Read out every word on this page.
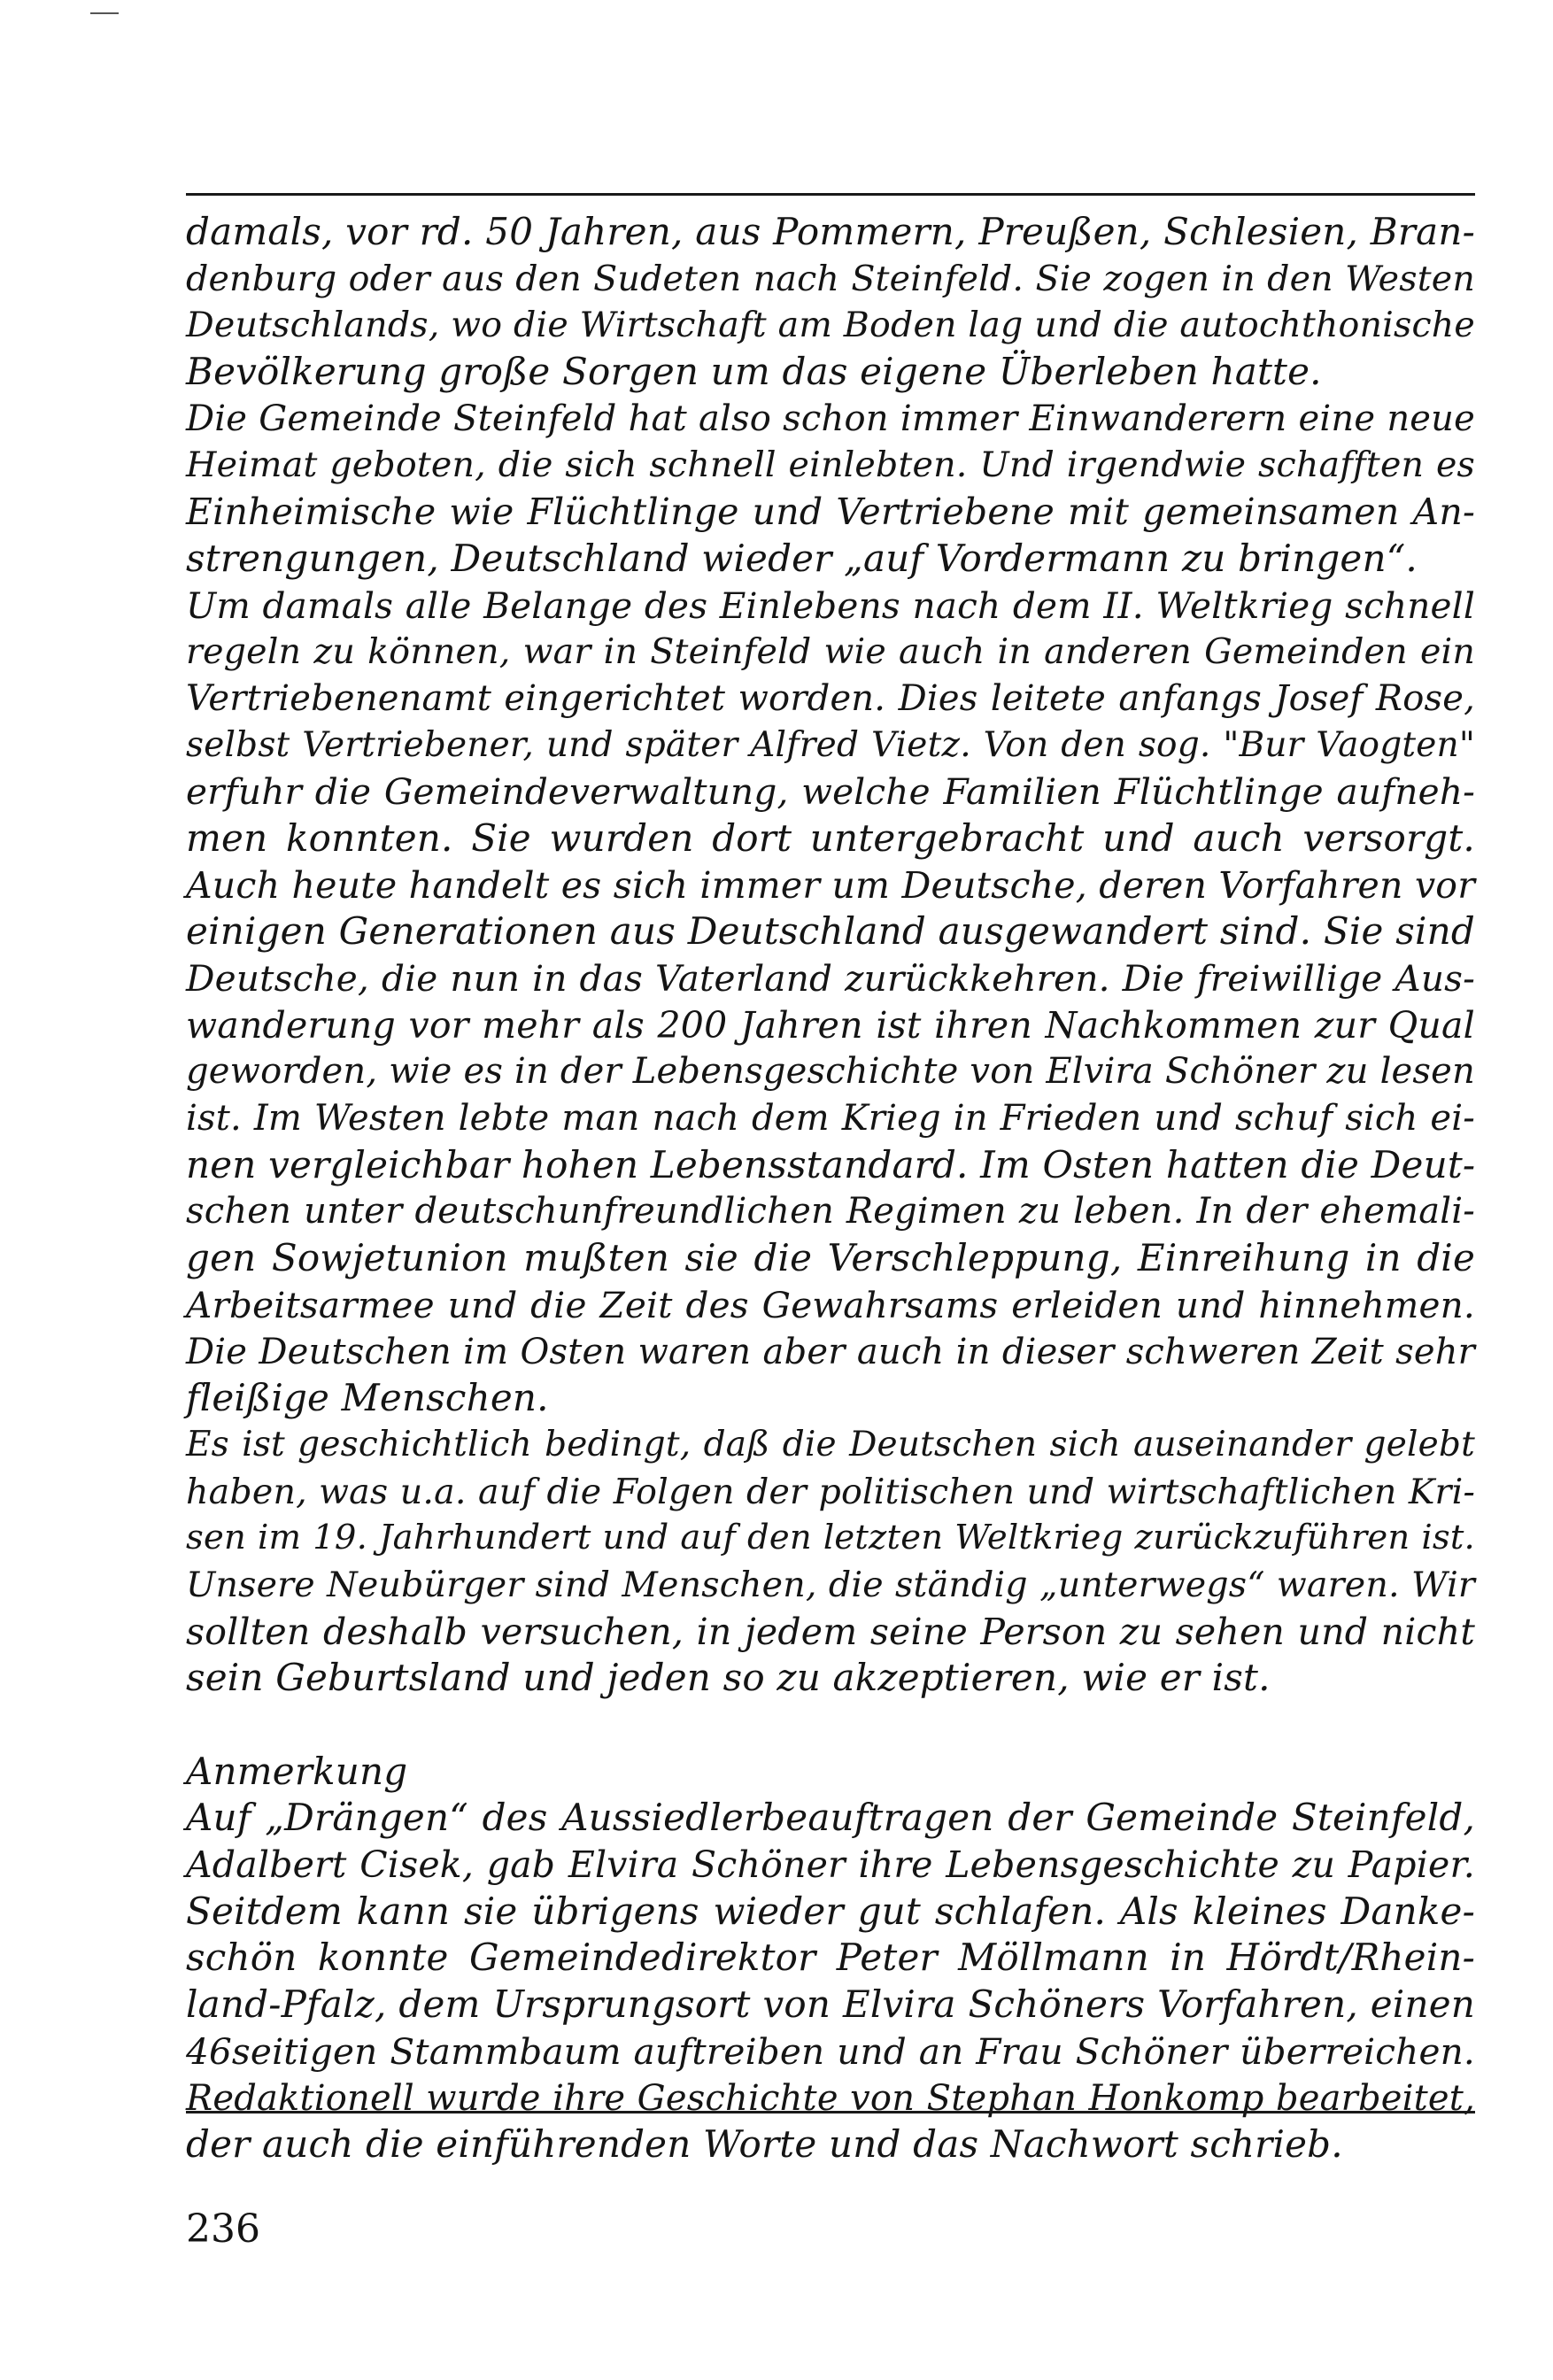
damals, vor rd. 50 Jahren, aus Pommern, Preußen, Schlesien, Bran-
denburg oder aus den Sudeten nach Steinfeld. Sie zogen in den Westen
Deutschlands, wo die Wirtschaft am Boden lag und die autochthonische
Bevölkerung große Sorgen um das eigene Überleben hatte.
Die Gemeinde Steinfeld hat also schon immer Einwanderern eine neue
Heimat geboten, die sich schnell einlebten. Und irgendwie schafften es
Einheimische wie Flüchtlinge und Vertriebene mit gemeinsamen An-
strengungen, Deutschland wieder „auf Vordermann zu bringen“.
Um damals alle Belange des Einlebens nach dem II. Weltkrieg schnell
regeln zu können, war in Steinfeld wie auch in anderen Gemeinden ein
Vertriebenenamt eingerichtet worden. Dies leitete anfangs Josef Rose,
selbst Vertriebener, und später Alfred Vietz. Von den sog. "Bur Vaogten"
erfuhr die Gemeindeverwaltung, welche Familien Flüchtlinge aufneh-
men konnten. Sie wurden dort untergebracht und auch versorgt.
Auch heute handelt es sich immer um Deutsche, deren Vorfahren vor
einigen Generationen aus Deutschland ausgewandert sind. Sie sind
Deutsche, die nun in das Vaterland zurückkehren. Die freiwillige Aus-
wanderung vor mehr als 200 Jahren ist ihren Nachkommen zur Qual
geworden, wie es in der Lebensgeschichte von Elvira Schöner zu lesen
ist. Im Westen lebte man nach dem Krieg in Frieden und schuf sich ei-
nen vergleichbar hohen Lebensstandard. Im Osten hatten die Deut-
schen unter deutschunfreundlichen Regimen zu leben. In der ehemali-
gen Sowjetunion mußten sie die Verschleppung, Einreihung in die
Arbeitsarmee und die Zeit des Gewahrsams erleiden und hinnehmen.
Die Deutschen im Osten waren aber auch in dieser schweren Zeit sehr
fleißige Menschen.
Es ist geschichtlich bedingt, daß die Deutschen sich auseinander gelebt
haben, was u.a. auf die Folgen der politischen und wirtschaftlichen Kri-
sen im 19. Jahrhundert und auf den letzten Weltkrieg zurückzuführen ist.
Unsere Neubürger sind Menschen, die ständig „unterwegs“ waren. Wir
sollten deshalb versuchen, in jedem seine Person zu sehen und nicht
sein Geburtsland und jeden so zu akzeptieren, wie er ist.
Anmerkung
Auf „Drängen“ des Aussiedlerbeauftragen der Gemeinde Steinfeld,
Adalbert Cisek, gab Elvira Schöner ihre Lebensgeschichte zu Papier.
Seitdem kann sie übrigens wieder gut schlafen. Als kleines Danke-
schön konnte Gemeindedirektor Peter Möllmann in Hördt/Rhein-
land-Pfalz, dem Ursprungsort von Elvira Schöners Vorfahren, einen
46seitigen Stammbaum auftreiben und an Frau Schöner überreichen.
Redaktionell wurde ihre Geschichte von Stephan Honkomp bearbeitet,
der auch die einführenden Worte und das Nachwort schrieb.
236
